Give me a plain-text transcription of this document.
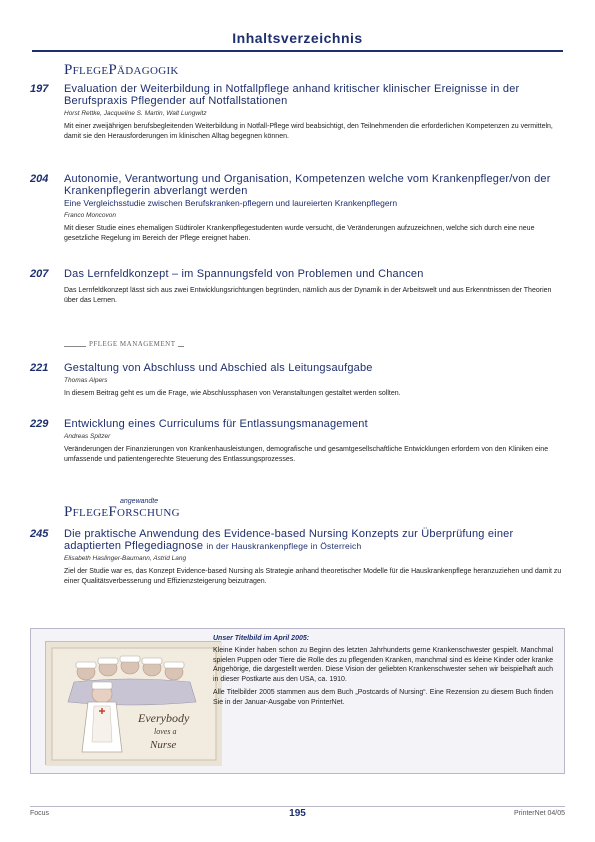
Inhaltsverzeichnis
PflegePädagogik
197	Evaluation der Weiterbildung in Notfallpflege anhand kritischer klinischer Ereignisse in der Berufspraxis Pflegender auf Notfallstationen
Horst Rettke, Jacqueline S. Martin, Walt Lungwitz
Mit einer zweijährigen berufsbegleitenden Weiterbildung in Notfall-Pflege wird beabsichtigt, den Teilnehmenden die erforderlichen Kompetenzen zu vermitteln, damit sie den Herausforderungen im klinischen Alltag begegnen können.
204	Autonomie, Verantwortung und Organisation, Kompetenzen welche vom Krankenpfleger/von der Krankenpflegerin abverlangt werden
Eine Vergleichsstudie zwischen Berufskranken-pflegern und laureierten Krankenpflegern
Franco Moncovon
Mit dieser Studie eines ehemaligen Südtiroler Krankenpflegestudenten wurde versucht, die Veränderungen aufzuzeichnen, welche sich durch eine neue gesetzliche Regelung im Bereich der Pflege ereignet haben.
207	Das Lernfeldkonzept – im Spannungsfeld von Problemen und Chancen
Das Lernfeldkonzept lässt sich aus zwei Entwicklungsrichtungen begründen, nämlich aus der Dynamik in der Arbeitswelt und aus Erkenntnissen der Theorien über das Lernen.
PFLEGE MANAGEMENT
221	Gestaltung von Abschluss und Abschied als Leitungsaufgabe
Thomas Alpers
In diesem Beitrag geht es um die Frage, wie Abschlussphasen von Veranstaltungen gestaltet werden sollten.
229	Entwicklung eines Curriculums für Entlassungsmanagement
Andreas Spitzer
Veränderungen der Finanzierungen von Krankenhausleistungen, demografische und gesamtgesellschaftliche Entwicklungen erfordern von den Kliniken eine umfassende und patientengerechte Steuerung des Entlassungsprozesses.
angewandte
PflegeForschung
245	Die praktische Anwendung des Evidence-based Nursing Konzepts zur Überprüfung einer adaptierten Pflegediagnose in der Hauskrankenpflege in Österreich
Elisabeth Haslinger-Baumann, Astrid Lang
Ziel der Studie war es, das Konzept Evidence-based Nursing als Strategie anhand theoretischer Modelle für die Hauskrankenpflege heranzuziehen und damit zu einer Qualitätsverbesserung und Effizienzsteigerung beizutragen.
Everybody
loves a
Nurse
Unser Titelbild im April 2005:
Kleine Kinder haben schon zu Beginn des letzten Jahrhunderts gerne Krankenschwester gespielt. Manchmal spielen Puppen oder Tiere die Rolle des zu pflegenden Kranken, manchmal sind es kleine Kinder oder kranke Angehörige, die dargestellt werden. Diese Vision der geliebten Krankenschwester sehen wir beispielhaft auch in dieser Postkarte aus den USA, ca. 1910.
Alle Titelbilder 2005 stammen aus dem Buch „Postcards of Nursing“. Eine Rezension zu diesem Buch finden Sie in der Januar-Ausgabe von PrinterNet.
Focus	195	PrinterNet 04/05
